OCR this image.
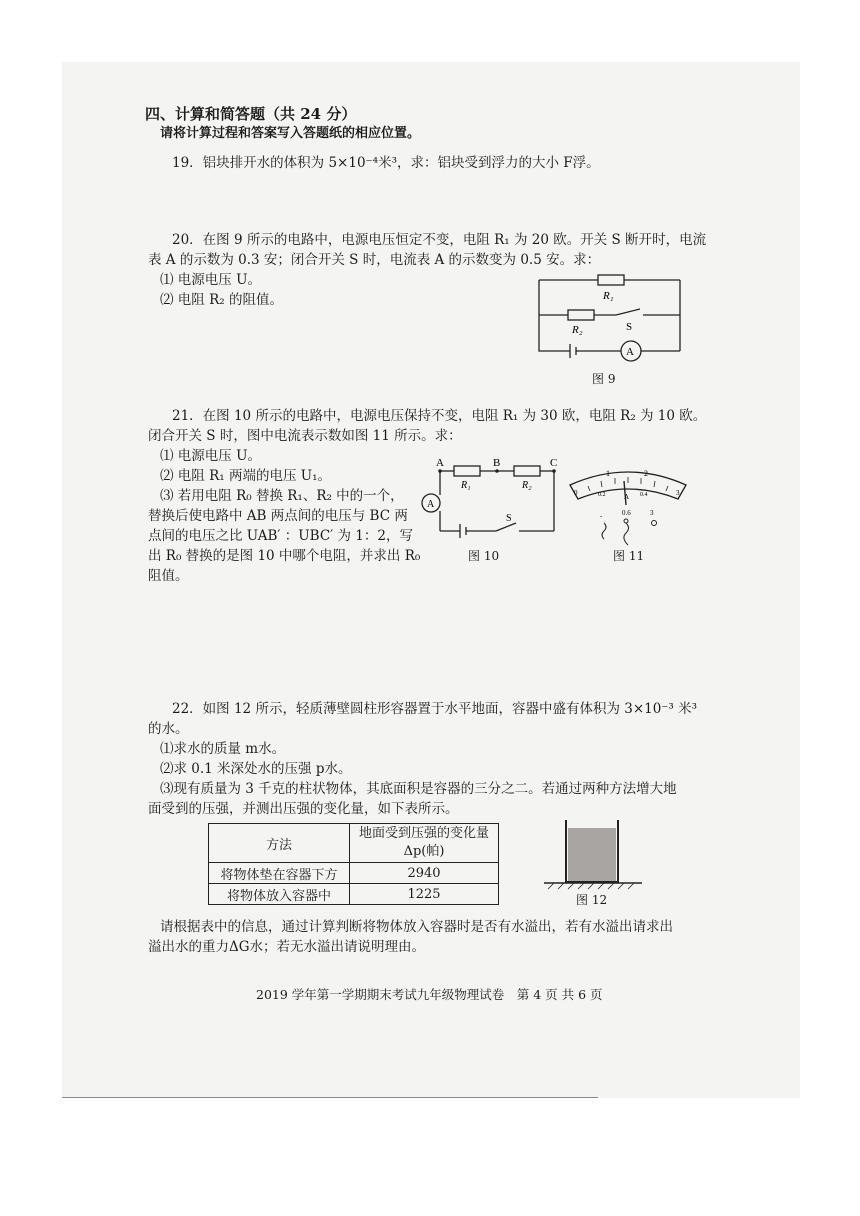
四、计算和简答题（共 24 分）
请将计算过程和答案写入答题纸的相应位置。
19．铝块排开水的体积为 5×10⁻⁴米³，求：铝块受到浮力的大小 F浮。
20．在图 9 所示的电路中，电源电压恒定不变，电阻 R₁ 为 20 欧。开关 S 断开时，电流
表 A 的示数为 0.3 安；闭合开关 S 时，电流表 A 的示数变为 0.5 安。求：
⑴ 电源电压 U。
⑵ 电阻 R₂ 的阻值。	R₁
R₂	S
A
图 9
21．在图 10 所示的电路中，电源电压保持不变，电阻 R₁ 为 30 欧，电阻 R₂ 为 10 欧。
闭合开关 S 时，图中电流表示数如图 11 所示。求：
⑴ 电源电压 U。
⑵ 电阻 R₁ 两端的电压 U₁。
⑶ 若用电阻 R₀ 替换 R₁、R₂ 中的一个，
替换后使电路中 AB 两点间的电压与 BC 两
点间的电压之比 UAB′ ：UBC′ 为 1：2，写
出 R₀ 替换的是图 10 中哪个电阻，并求出 R₀
阻值。
A	B	C
R₁	R₂
A
S
图 10
1	2
0	3
0.2	0.4
A
-	0.6	3
图 11
22．如图 12 所示，轻质薄壁圆柱形容器置于水平地面，容器中盛有体积为 3×10⁻³ 米³
的水。
⑴求水的质量 m水。
⑵求 0.1 米深处水的压强 p水。
⑶现有质量为 3 千克的柱状物体，其底面积是容器的三分之二。若通过两种方法增大地
面受到的压强，并测出压强的变化量，如下表所示。
方法	地面受到压强的变化量
Δp(帕)

将物体垫在容器下方	2940
将物体放入容器中	1225	图 12
请根据表中的信息，通过计算判断将物体放入容器时是否有水溢出，若有水溢出请求出
溢出水的重力ΔG水；若无水溢出请说明理由。
2019 学年第一学期期末考试九年级物理试卷　第 4 页 共 6 页
